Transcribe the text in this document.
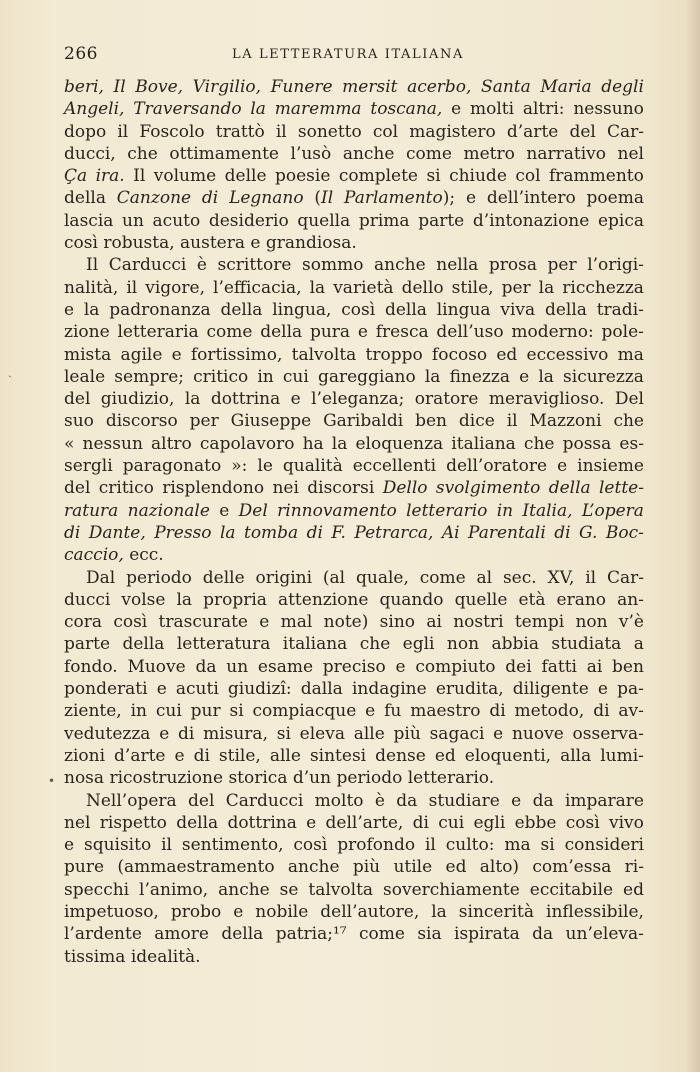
266	LA LETTERATURA ITALIANA
beri, Il Bove, Virgilio, Funere mersit acerbo, Santa Maria degli
Angeli, Traversando la maremma toscana, e molti altri: nessuno
dopo il Foscolo trattò il sonetto col magistero d’arte del Car-
ducci, che ottimamente l’usò anche come metro narrativo nel
Ça ira. Il volume delle poesie complete si chiude col frammento
della Canzone di Legnano (Il Parlamento); e dell’intero poema
lascia un acuto desiderio quella prima parte d’intonazione epica
così
robusta,
austera
e
grandiosa.
Il Carducci è scrittore sommo anche nella prosa per l’origi-
nalità, il vigore, l’efficacia, la varietà dello stile, per la ricchezza
e la padronanza della lingua, così della lingua viva della tradi-
zione letteraria come della pura e fresca dell’uso moderno: pole-
mista agile e fortissimo, talvolta troppo focoso ed eccessivo ma
leale sempre; critico in cui gareggiano la finezza e la sicurezza
del giudizio, la dottrina e l’eleganza; oratore meraviglioso. Del
suo discorso per Giuseppe Garibaldi ben dice il Mazzoni che
« nessun altro capolavoro ha la eloquenza italiana che possa es-
sergli paragonato »: le qualità eccellenti dell’oratore e insieme
del critico risplendono nei discorsi Dello svolgimento della lette-
ratura nazionale e Del rinnovamento letterario in Italia, L’opera
di Dante, Presso la tomba di F. Petrarca, Ai Parentali di G. Boc-
caccio,
ecc.
Dal periodo delle origini (al quale, come al sec. XV, il Car-
ducci volse la propria attenzione quando quelle età erano an-
cora così trascurate e mal note) sino ai nostri tempi non v’è
parte della letteratura italiana che egli non abbia studiata a
fondo. Muove da un esame preciso e compiuto dei fatti ai ben
ponderati e acuti giudizî: dalla indagine erudita, diligente e pa-
ziente, in cui pur si compiacque e fu maestro di metodo, di av-
vedutezza e di misura, si eleva alle più sagaci e nuove osserva-
zioni d’arte e di stile, alle sintesi dense ed eloquenti, alla lumi-
nosa
ricostruzione
storica
d’un
periodo
letterario.
Nell’opera del Carducci molto è da studiare e da imparare
nel rispetto della dottrina e dell’arte, di cui egli ebbe così vivo
e squisito il sentimento, così profondo il culto: ma si consideri
pure (ammaestramento anche più utile ed alto) com’essa ri-
specchi l’animo, anche se talvolta soverchiamente eccitabile ed
impetuoso, probo e nobile dell’autore, la sincerità inflessibile,
l’ardente amore della patria;¹⁷ come sia ispirata da un’eleva-
tissima
idealità.
ˎ
•
